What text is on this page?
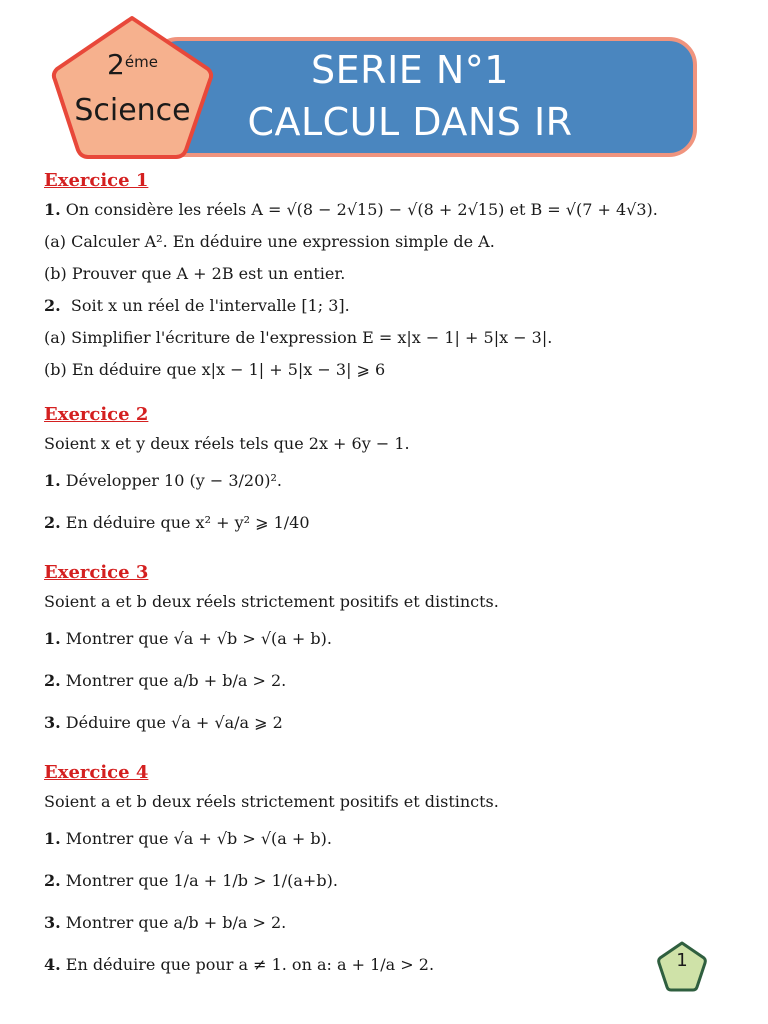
$2^{éme}$
Science
SERIE N°1
CALCUL DANS IR
Exercice 1
1. On considère les réels A = √(8 − 2√15) − √(8 + 2√15) et B = √(7 + 4√3).
(a) Calculer A². En déduire une expression simple de A.
(b) Prouver que A + 2B est un entier.
2. Soit x un réel de l'intervalle [1; 3].
(a) Simplifier l'écriture de l'expression E = x|x − 1| + 5|x − 3|.
(b) En déduire que x|x − 1| + 5|x − 3| ⩾ 6
Exercice 2
Soient x et y deux réels tels que 2x + 6y − 1.
1. Développer 10 (y − 3/20)².
2. En déduire que x² + y² ⩾ 1/40
Exercice 3
Soient a et b deux réels strictement positifs et distincts.
1. Montrer que √a + √b > √(a + b).
2. Montrer que a/b + b/a > 2.
3. Déduire que √a + √a/a ⩾ 2
Exercice 4
Soient a et b deux réels strictement positifs et distincts.
1. Montrer que √a + √b > √(a + b).
2. Montrer que 1/a + 1/b > 1/(a+b).
3. Montrer que a/b + b/a > 2.
4. En déduire que pour a ≠ 1. on a: a + 1/a > 2.	1
